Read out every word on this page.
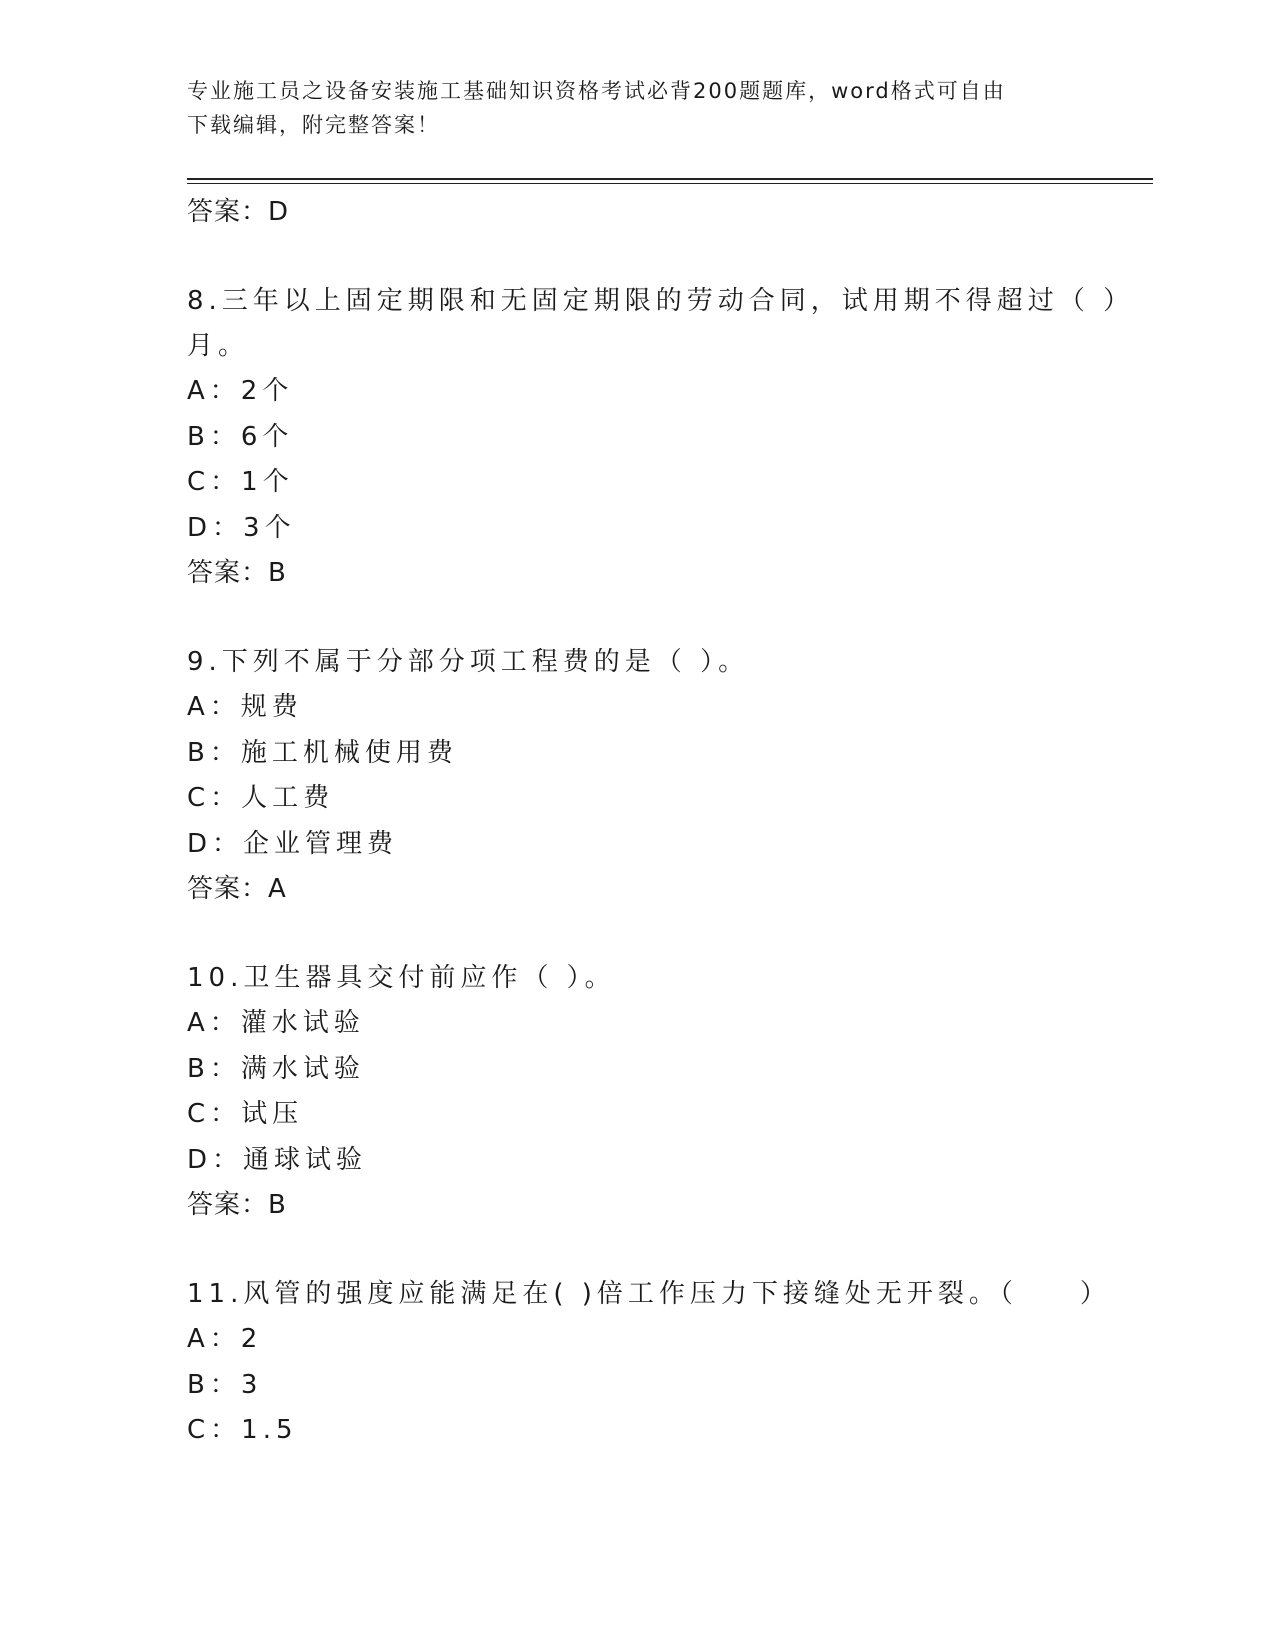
专业施工员之设备安装施工基础知识资格考试必背200题题库，word格式可自由
下载编辑，附完整答案！
答案：D
8.三年以上固定期限和无固定期限的劳动合同，试用期不得超过（ ）
月。
A：2个
B：6个
C：1个
D：3个
答案：B
9.下列不属于分部分项工程费的是（ ）。
A：规费
B：施工机械使用费
C：人工费
D：企业管理费
答案：A
10.卫生器具交付前应作（ ）。
A：灌水试验
B：满水试验
C：试压
D：通球试验
答案：B
11.风管的强度应能满足在( )倍工作压力下接缝处无开裂。（　　）
A：2
B：3
C：1.5
